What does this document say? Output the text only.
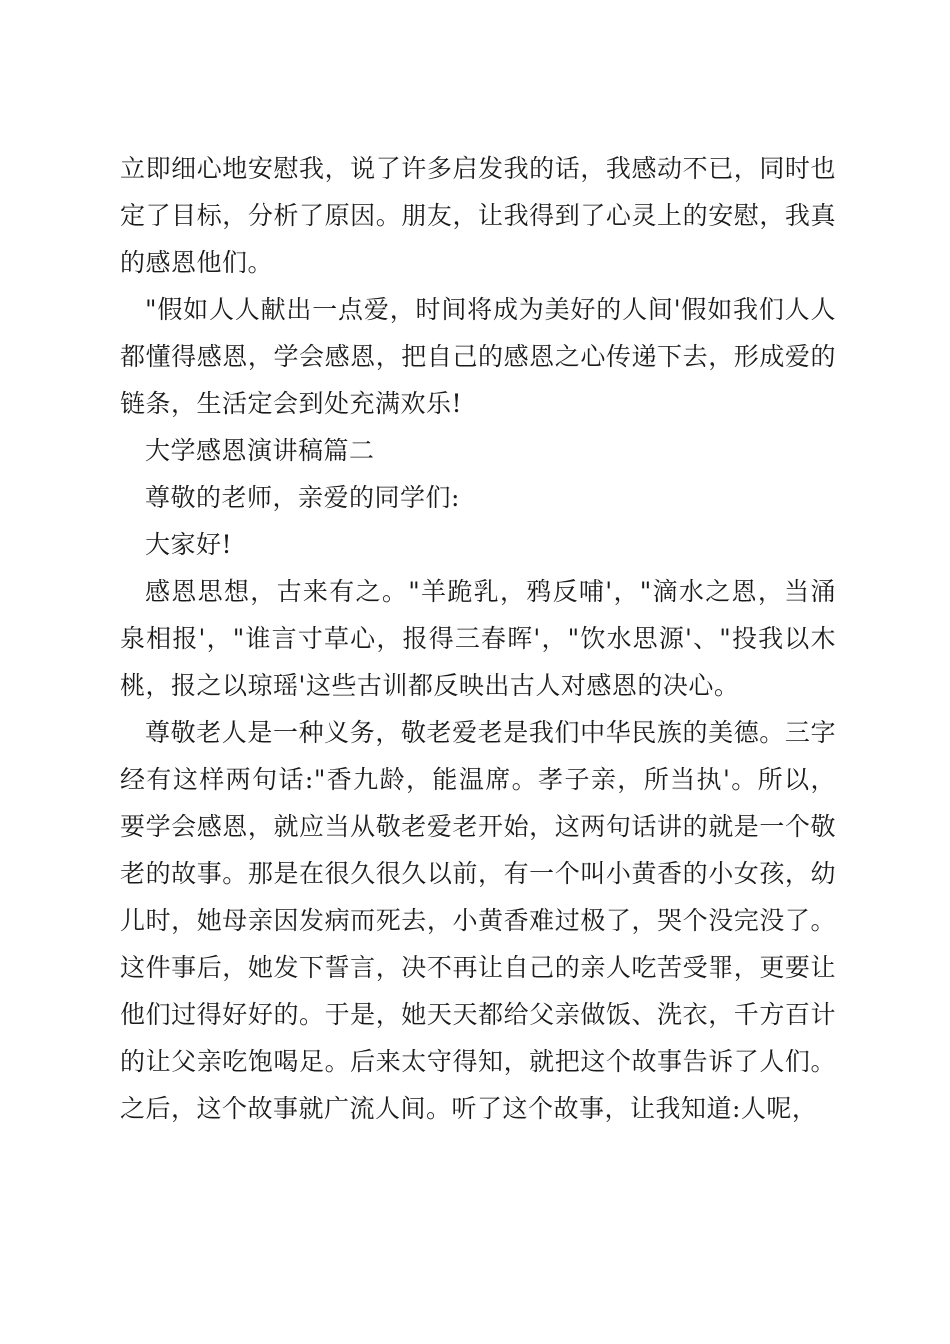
立即细心地安慰我，说了许多启发我的话，我感动不已，同时也定了目标，分析了原因。朋友，让我得到了心灵上的安慰，我真的感恩他们。

"假如人人献出一点爱，时间将成为美好的人间'假如我们人人都懂得感恩，学会感恩，把自己的感恩之心传递下去，形成爱的链条，生活定会到处充满欢乐!

大学感恩演讲稿篇二

尊敬的老师，亲爱的同学们:

大家好!

感恩思想，古来有之。"羊跪乳，鸦反哺'，"滴水之恩，当涌泉相报'，"谁言寸草心，报得三春晖'，"饮水思源'、"投我以木桃，报之以琼瑶'这些古训都反映出古人对感恩的决心。

尊敬老人是一种义务，敬老爱老是我们中华民族的美德。三字经有这样两句话:"香九龄，能温席。孝子亲，所当执'。所以，要学会感恩，就应当从敬老爱老开始，这两句话讲的就是一个敬老的故事。那是在很久很久以前，有一个叫小黄香的小女孩，幼儿时，她母亲因发病而死去，小黄香难过极了，哭个没完没了。这件事后，她发下誓言，决不再让自己的亲人吃苦受罪，更要让他们过得好好的。于是，她天天都给父亲做饭、洗衣，千方百计的让父亲吃饱喝足。后来太守得知，就把这个故事告诉了人们。之后，这个故事就广流人间。听了这个故事，让我知道:人呢，
